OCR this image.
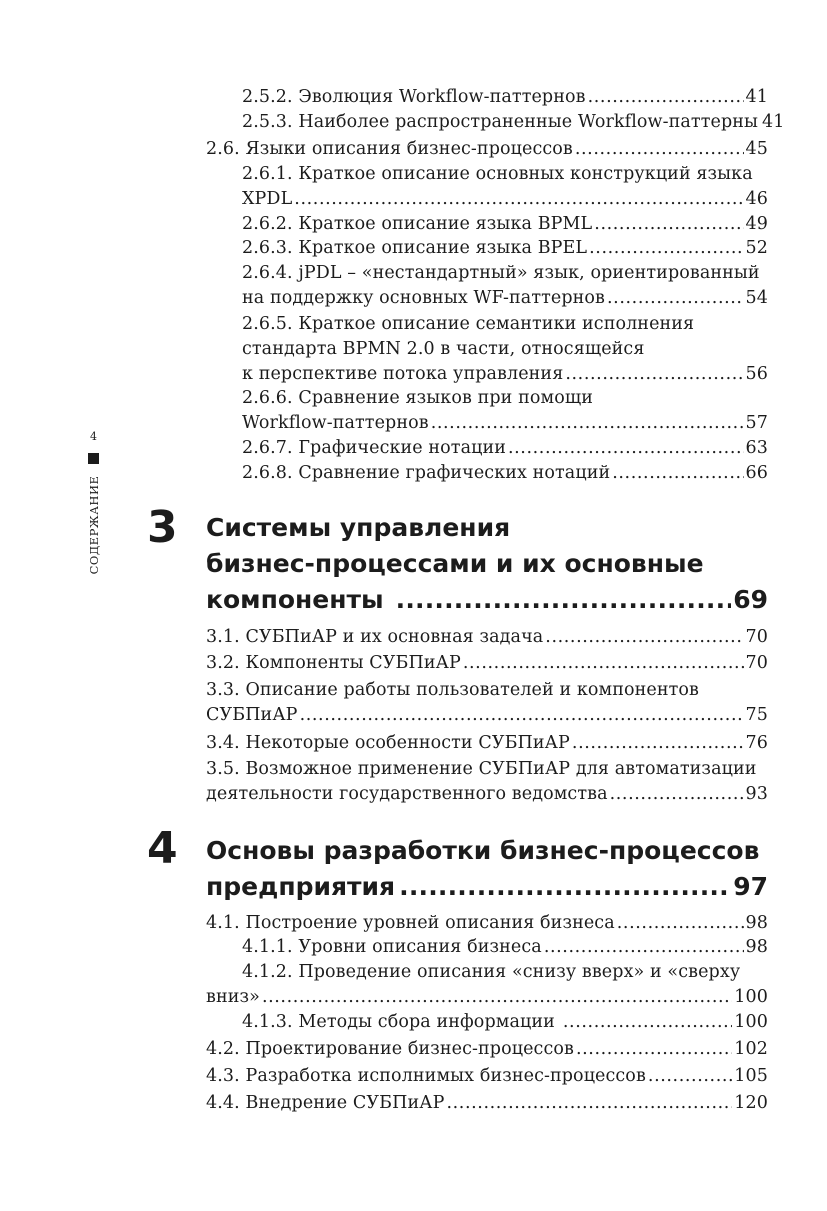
4
СОДЕРЖАНИЕ
2.5.2. Эволюция Workflow-паттернов .....	41
2.5.3. Наиболее распространенные Workflow-паттерны 41
2.6. Языки описания бизнес-процессов .....	45
2.6.1. Краткое описание основных конструкций языка
XPDL .....	46
2.6.2. Краткое описание языка BPML .....	49
2.6.3. Краткое описание языка BPEL .....	52
2.6.4. jPDL – «нестандартный» язык, ориентированный
на поддержку основных WF-паттернов .....	54
2.6.5. Краткое описание семантики исполнения
стандарта BPMN 2.0 в части, относящейся
к перспективе потока управления .....	56
2.6.6. Сравнение языков при помощи
Workflow-паттернов .....	57
2.6.7. Графические нотации .....	63
2.6.8. Сравнение графических нотаций .....	66
3 Системы управления
бизнес-процессами и их основные
компоненты .....	69
3.1. СУБПиАР и их основная задача .....	70
3.2. Компоненты СУБПиАР .....	70
3.3. Описание работы пользователей и компонентов
СУБПиАР .....	75
3.4. Некоторые особенности СУБПиАР .....	76
3.5. Возможное применение СУБПиАР для автоматизации
деятельности государственного ведомства .....	93
4 Основы разработки бизнес-процессов
предприятия .....	97
4.1. Построение уровней описания бизнеса .....	98
4.1.1. Уровни описания бизнеса .....	98
4.1.2. Проведение описания «снизу вверх» и «сверху
вниз» .....	100
4.1.3. Методы сбора информации .....	100
4.2. Проектирование бизнес-процессов .....	102
4.3. Разработка исполнимых бизнес-процессов .....	105
4.4. Внедрение СУБПиАР .....	120
